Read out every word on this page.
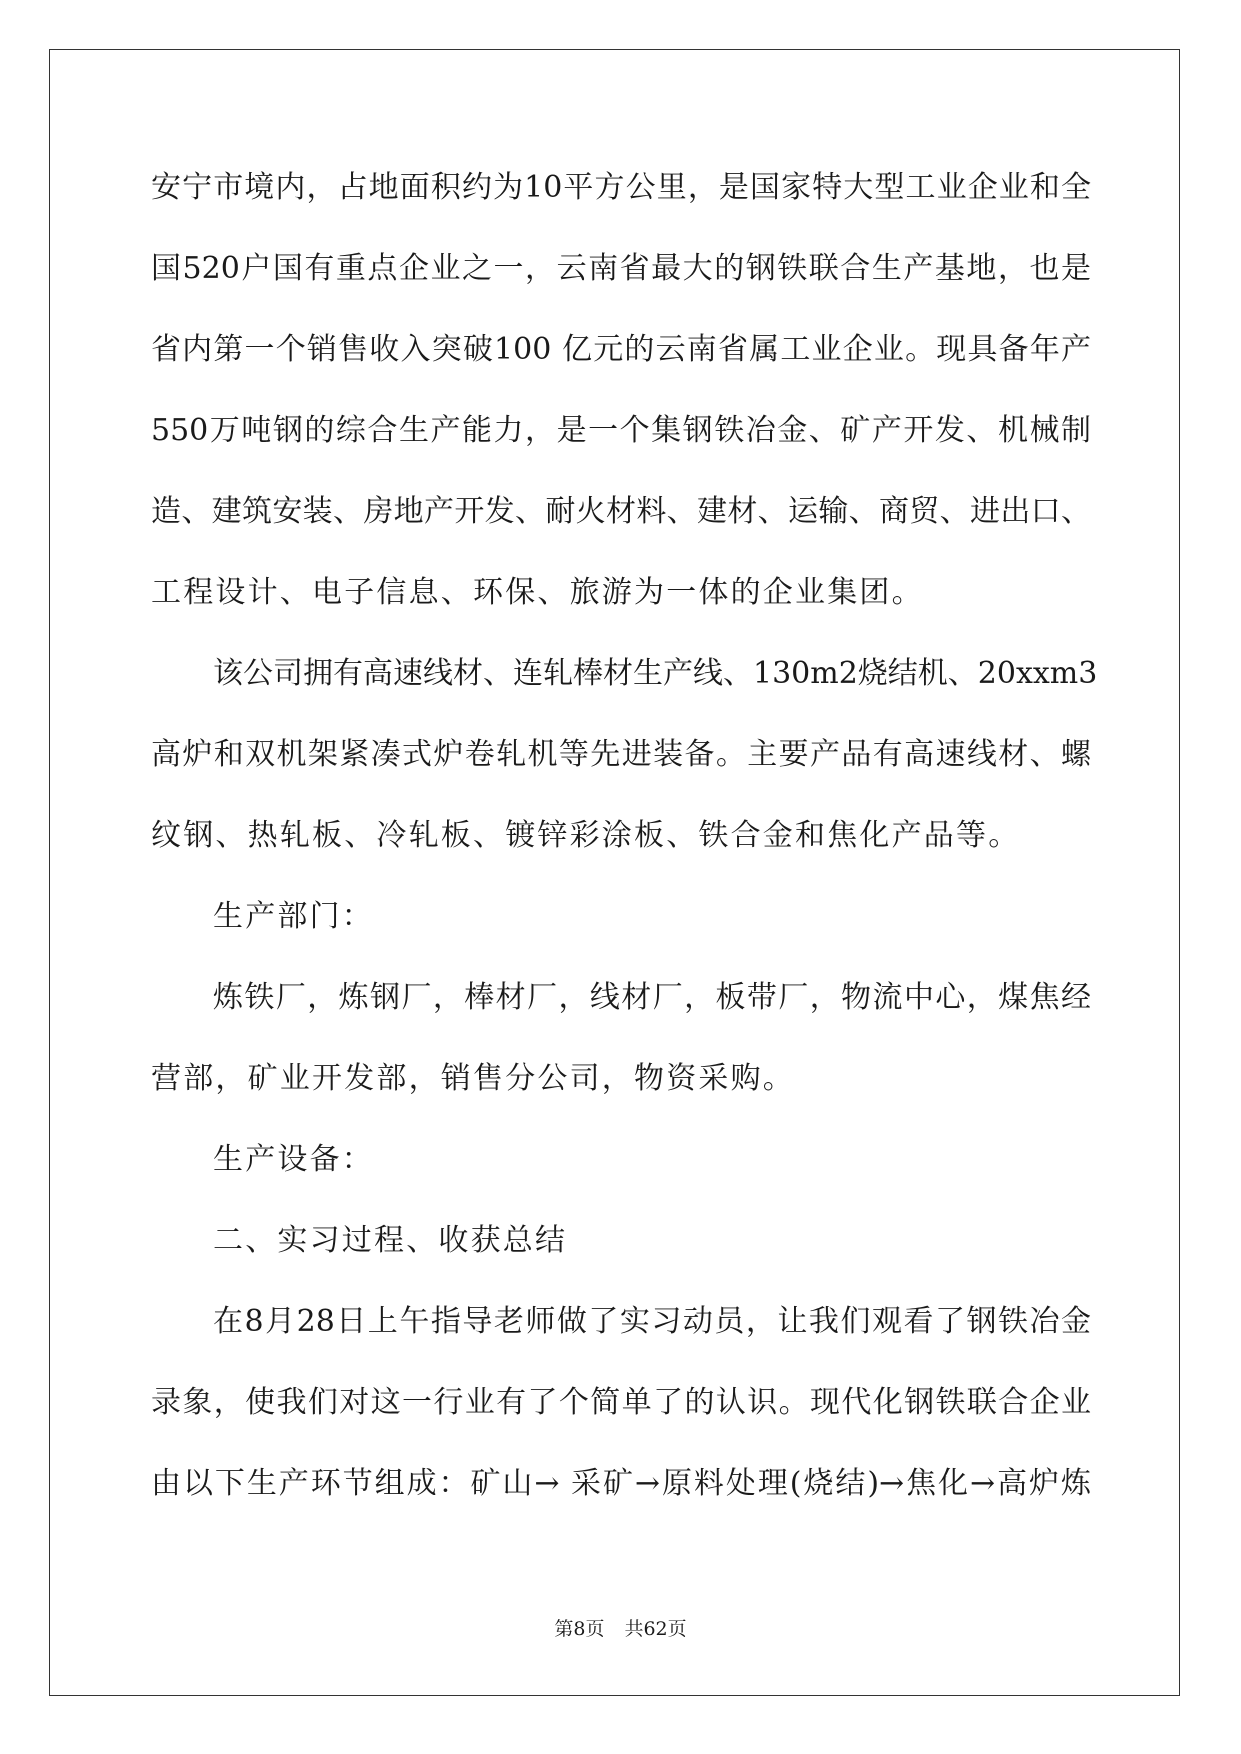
安宁市境内，占地面积约为10平方公里，是国家特大型工业企业和全
国520户国有重点企业之一，云南省最大的钢铁联合生产基地，也是
省内第一个销售收入突破100 亿元的云南省属工业企业。现具备年产
550万吨钢的综合生产能力，是一个集钢铁冶金、矿产开发、机械制
造、建筑安装、房地产开发、耐火材料、建材、运输、商贸、进出口、
工程设计、电子信息、环保、旅游为一体的企业集团。
该公司拥有高速线材、连轧棒材生产线、130m2烧结机、20xxm3
高炉和双机架紧凑式炉卷轧机等先进装备。主要产品有高速线材、螺
纹钢、热轧板、冷轧板、镀锌彩涂板、铁合金和焦化产品等。
生产部门：
炼铁厂，炼钢厂，棒材厂，线材厂，板带厂，物流中心，煤焦经
营部，矿业开发部，销售分公司，物资采购。
生产设备：
二、实习过程、收获总结
在8月28日上午指导老师做了实习动员，让我们观看了钢铁冶金
录象，使我们对这一行业有了个简单了的认识。现代化钢铁联合企业
由以下生产环节组成：矿山→ 采矿→原料处理(烧结)→焦化→高炉炼
第8页 共62页
